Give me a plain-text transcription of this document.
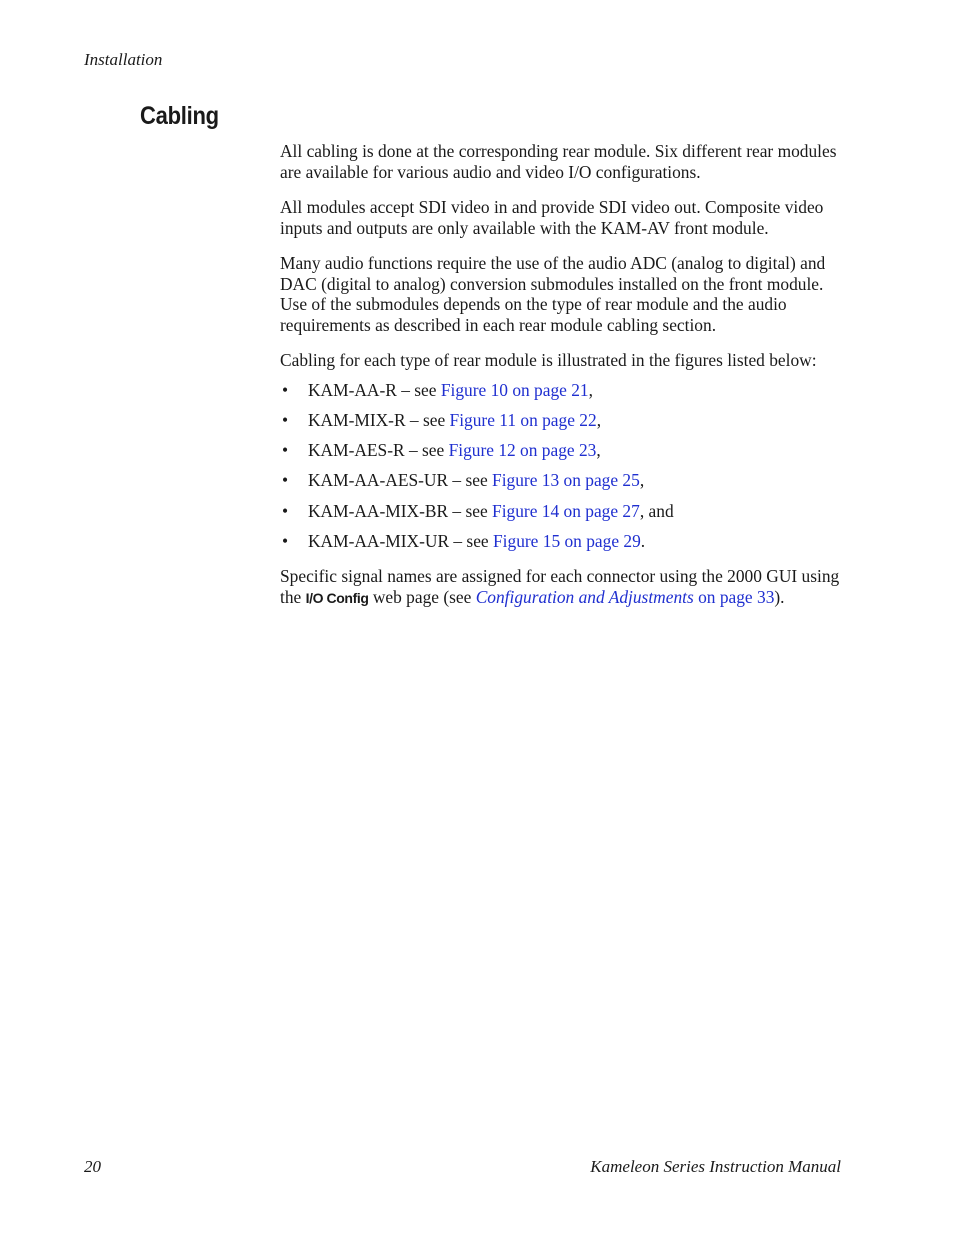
Installation
Cabling

All cabling is done at the corresponding rear module. Six different rear modules are available for various audio and video I/O configurations.

All modules accept SDI video in and provide SDI video out. Composite video inputs and outputs are only available with the KAM-AV front module.

Many audio functions require the use of the audio ADC (analog to digital) and DAC (digital to analog) conversion submodules installed on the front module. Use of the submodules depends on the type of rear module and the audio requirements as described in each rear module cabling section.

Cabling for each type of rear module is illustrated in the figures listed below:

• KAM-AA-R – see Figure 10 on page 21,
• KAM-MIX-R – see Figure 11 on page 22,
• KAM-AES-R – see Figure 12 on page 23,
• KAM-AA-AES-UR – see Figure 13 on page 25,
• KAM-AA-MIX-BR – see Figure 14 on page 27, and
• KAM-AA-MIX-UR – see Figure 15 on page 29.

Specific signal names are assigned for each connector using the 2000 GUI using the I/O Config web page (see Configuration and Adjustments on page 33).

20	Kameleon Series Instruction Manual
